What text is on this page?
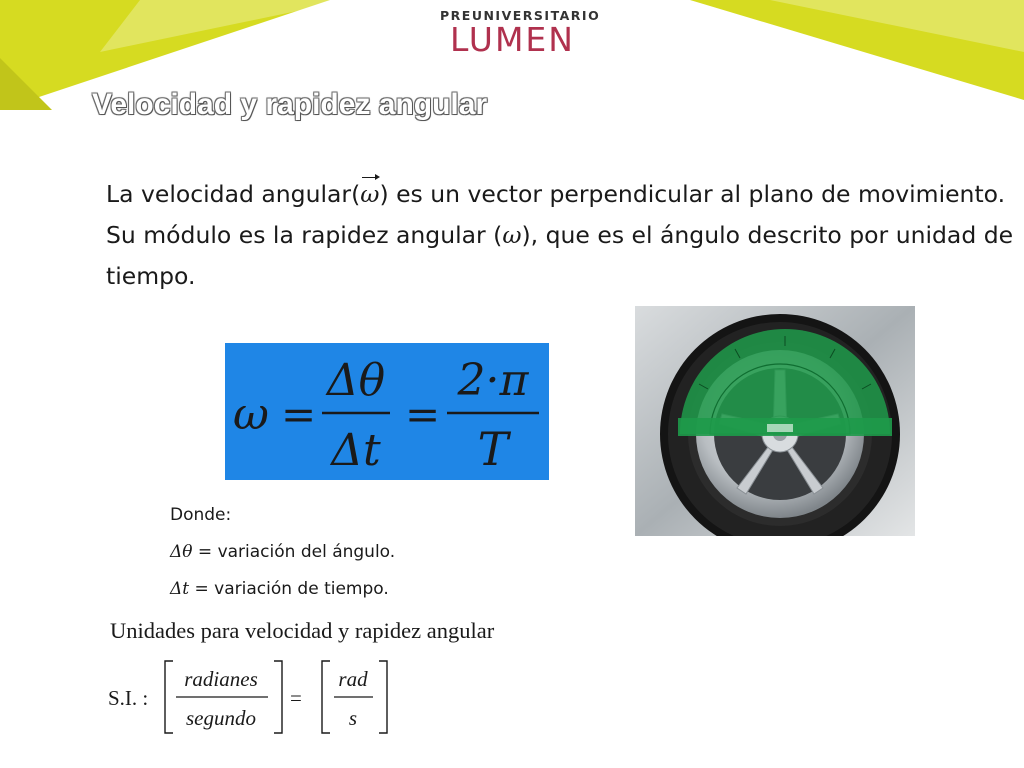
PREUNIVERSITARIO
LUMEN
Velocidad y rapidez angular

La velocidad angular(ω) es un vector perpendicular al plano de movimiento. Su módulo es la rapidez angular (ω), que es el ángulo descrito por unidad de tiempo.

ω =
Δθ
Δt
=
2·π
T
Donde:
Δθ = variación del ángulo.
Δt = variación de tiempo.

Unidades para velocidad y rapidez angular

S.I. :
radianes
segundo
=
rad
s
